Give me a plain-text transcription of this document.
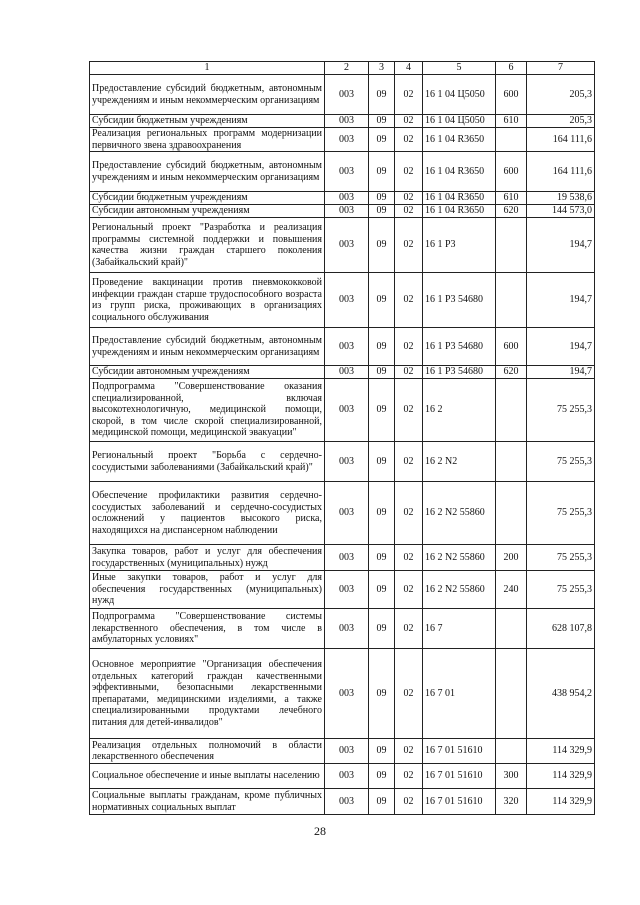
1	2	3	4	5	6	7
Предоставление субсидий бюджетным, автономным учреждениям и иным некоммерческим организациям	003	09	02	16 1 04 Ц5050	600	205,3
Субсидии бюджетным учреждениям	003	09	02	16 1 04 Ц5050	610	205,3
Реализация региональных программ модернизации первичного звена здравоохранения	003	09	02	16 1 04 R3650		164 111,6
Предоставление субсидий бюджетным, автономным учреждениям и иным некоммерческим организациям	003	09	02	16 1 04 R3650	600	164 111,6
Субсидии бюджетным учреждениям	003	09	02	16 1 04 R3650	610	19 538,6
Субсидии автономным учреждениям	003	09	02	16 1 04 R3650	620	144 573,0
Региональный проект "Разработка и реализация программы системной поддержки и повышения качества жизни граждан старшего поколения (Забайкальский край)"	003	09	02	16 1 P3		194,7
Проведение вакцинации против пневмококковой инфекции граждан старше трудоспособного возраста из групп риска, проживающих в организациях социального обслуживания	003	09	02	16 1 P3 54680		194,7
Предоставление субсидий бюджетным, автономным учреждениям и иным некоммерческим организациям	003	09	02	16 1 P3 54680	600	194,7
Субсидии автономным учреждениям	003	09	02	16 1 P3 54680	620	194,7
Подпрограмма "Совершенствование оказания специализированной, включая высокотехнологичную, медицинской помощи, скорой, в том числе скорой специализированной, медицинской помощи, медицинской эвакуации"	003	09	02	16 2		75 255,3
Региональный проект "Борьба с сердечно-сосудистыми заболеваниями (Забайкальский край)"	003	09	02	16 2 N2		75 255,3
Обеспечение профилактики развития сердечно-сосудистых заболеваний и сердечно-сосудистых осложнений у пациентов высокого риска, находящихся на диспансерном наблюдении	003	09	02	16 2 N2 55860		75 255,3
Закупка товаров, работ и услуг для обеспечения государственных (муниципальных) нужд	003	09	02	16 2 N2 55860	200	75 255,3
Иные закупки товаров, работ и услуг для обеспечения государственных (муниципальных) нужд	003	09	02	16 2 N2 55860	240	75 255,3
Подпрограмма "Совершенствование системы лекарственного обеспечения, в том числе в амбулаторных условиях"	003	09	02	16 7		628 107,8
Основное мероприятие "Организация обеспечения отдельных категорий граждан качественными эффективными, безопасными лекарственными препаратами, медицинскими изделиями, а также специализированными продуктами лечебного питания для детей-инвалидов"	003	09	02	16 7 01		438 954,2
Реализация отдельных полномочий в области лекарственного обеспечения	003	09	02	16 7 01 51610		114 329,9
Социальное обеспечение и иные выплаты населению	003	09	02	16 7 01 51610	300	114 329,9
Социальные выплаты гражданам, кроме публичных нормативных социальных выплат	003	09	02	16 7 01 51610	320	114 329,9
28
